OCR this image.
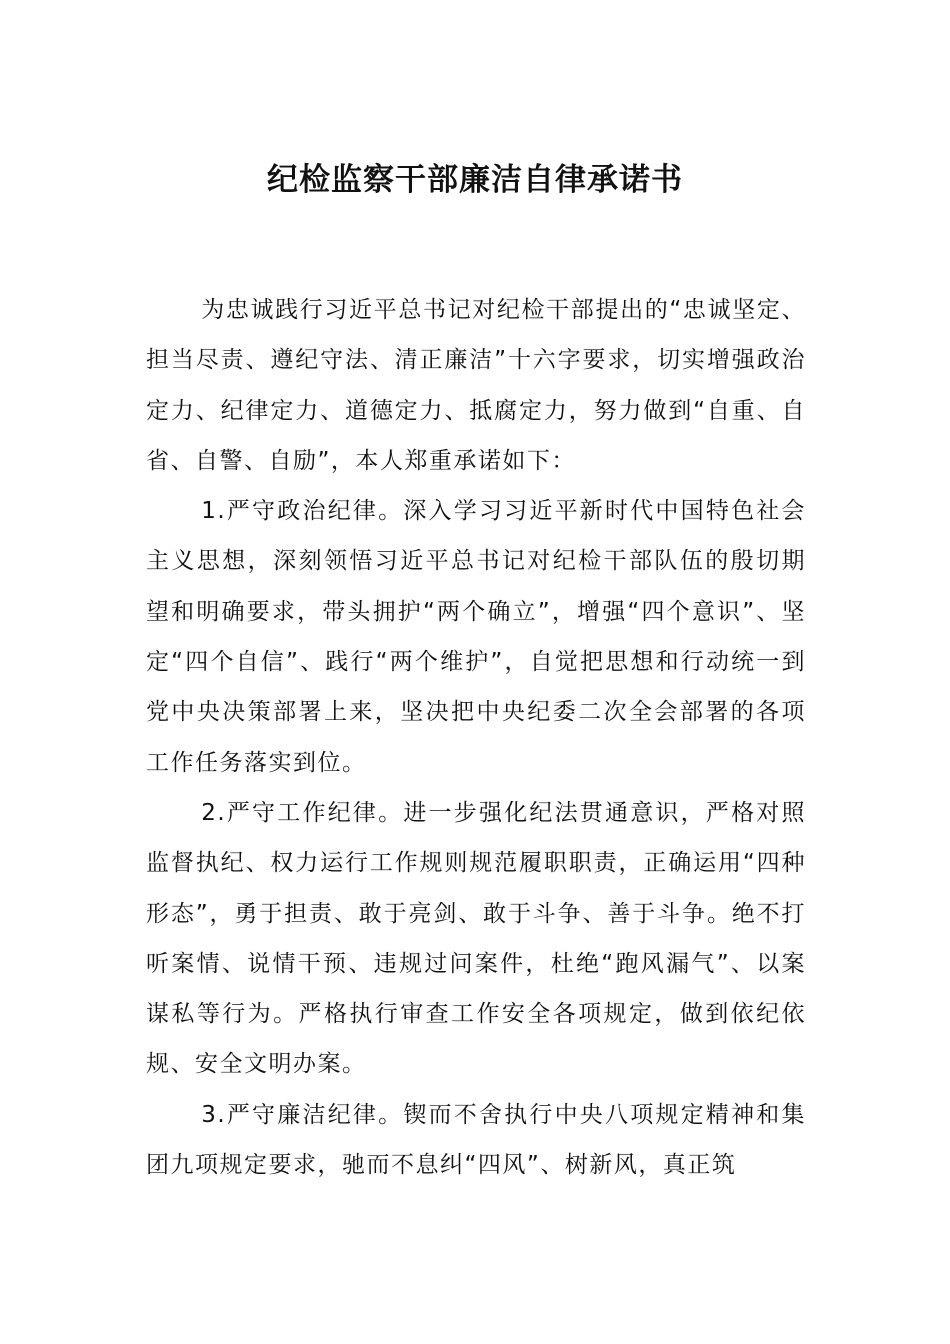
纪检监察干部廉洁自律承诺书

为忠诚践行习近平总书记对纪检干部提出的“忠诚坚定、担当尽责、遵纪守法、清正廉洁”十六字要求，切实增强政治定力、纪律定力、道德定力、抵腐定力，努力做到“自重、自省、自警、自励”，本人郑重承诺如下：

1.严守政治纪律。深入学习习近平新时代中国特色社会主义思想，深刻领悟习近平总书记对纪检干部队伍的殷切期望和明确要求，带头拥护“两个确立”，增强“四个意识”、坚定“四个自信”、践行“两个维护”，自觉把思想和行动统一到党中央决策部署上来，坚决把中央纪委二次全会部署的各项工作任务落实到位。

2.严守工作纪律。进一步强化纪法贯通意识，严格对照监督执纪、权力运行工作规则规范履职职责，正确运用“四种形态”，勇于担责、敢于亮剑、敢于斗争、善于斗争。绝不打听案情、说情干预、违规过问案件，杜绝“跑风漏气”、以案谋私等行为。严格执行审查工作安全各项规定，做到依纪依规、安全文明办案。

3.严守廉洁纪律。锲而不舍执行中央八项规定精神和集团九项规定要求，驰而不息纠“四风”、树新风，真正筑
